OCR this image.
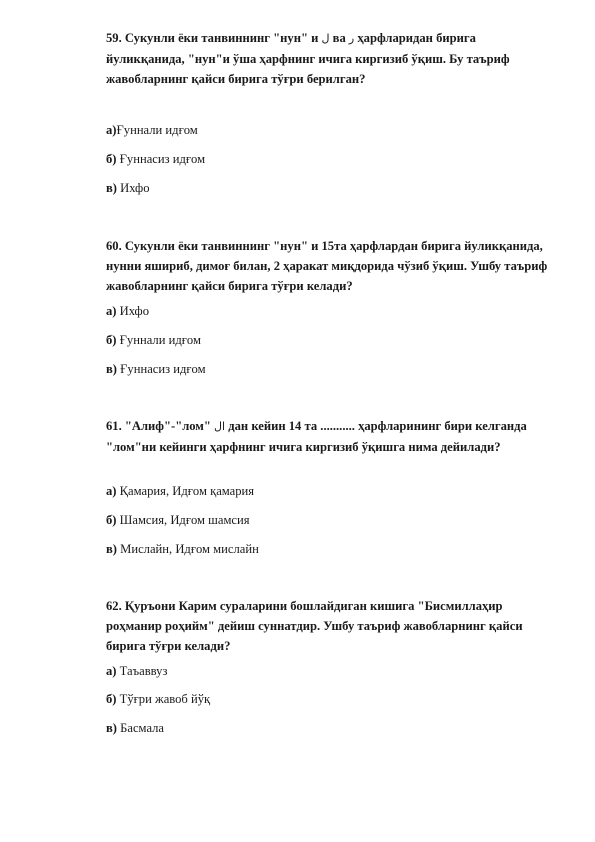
59. Сукунли ёки танвиннинг "нун" и ل ва ر ҳарфларидан бирига йуликқанида, "нун"и ўша ҳарфнинг ичига киргизиб ўқиш. Бу таъриф жавобларнинг қайси бирига тўғри берилган?

а)Ғуннали идғом
б) Ғуннасиз идғом
в) Ихфо

60. Сукунли ёки танвиннинг "нун" и 15та ҳарфлардан бирига йуликқанида, нунни яшириб, димоғ билан, 2 ҳаракат миқдорида чўзиб ўқиш. Ушбу таъриф жавобларнинг қайси бирига тўғри келади?

а) Ихфо
б) Ғуннали идғом
в) Ғуннасиз идғом

61. "Алиф"-"лом" ال дан кейин 14 та ........... ҳарфларининг бири келганда "лом"ни кейинги ҳарфнинг ичига киргизиб ўқишга нима дейилади?

а) Қамария, Идғом қамария
б) Шамсия, Идғом шамсия
в) Мислайн, Идғом мислайн

62. Қуръони Карим сураларини бошлайдиган кишига "Бисмиллаҳир роҳманир роҳийм" дейиш суннатдир. Ушбу таъриф жавобларнинг қайси бирига тўғри келади?

а) Таъаввуз
б) Тўғри жавоб йўқ
в) Басмала
